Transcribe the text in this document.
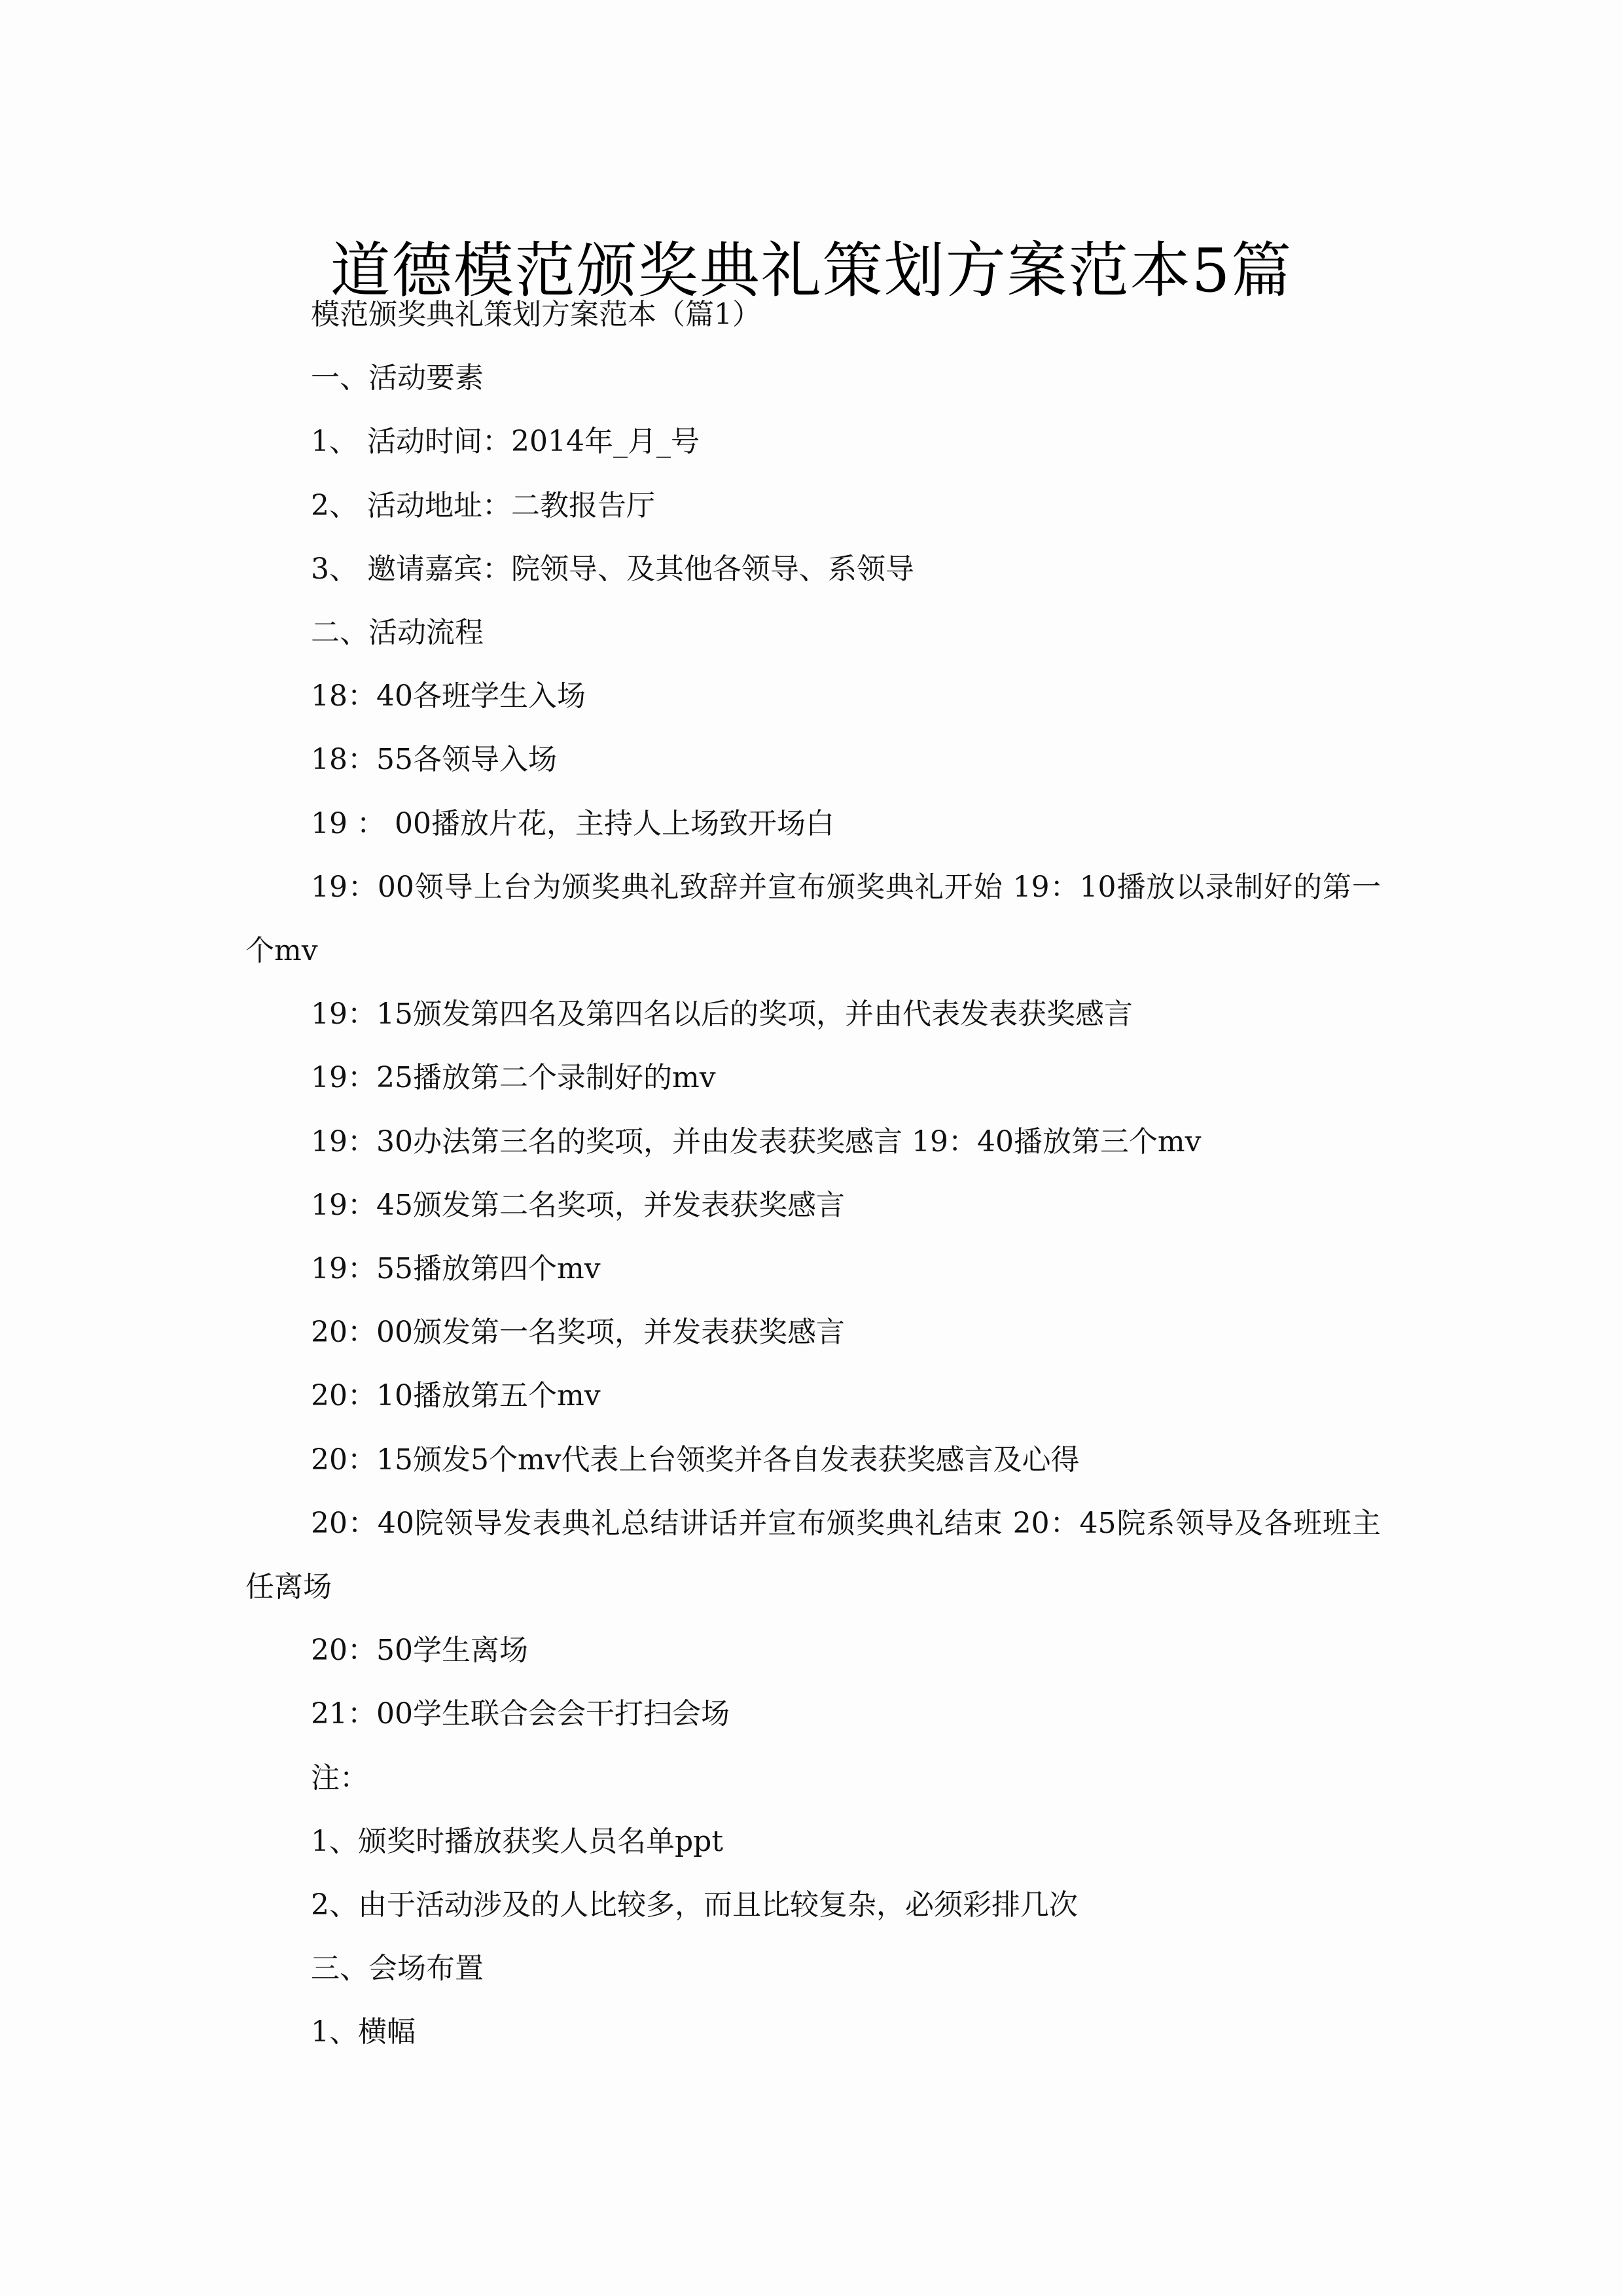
道德模范颁奖典礼策划方案范本5篇

模范颁奖典礼策划方案范本（篇1）

一、活动要素

1、 活动时间：2014年_月_号

2、 活动地址：二教报告厅

3、 邀请嘉宾：院领导、及其他各领导、系领导

二、活动流程

18：40各班学生入场

18：55各领导入场

19 ： 00播放片花，主持人上场致开场白

19：00领导上台为颁奖典礼致辞并宣布颁奖典礼开始 19：10播放以录制好的第一个mv

19：15颁发第四名及第四名以后的奖项，并由代表发表获奖感言

19：25播放第二个录制好的mv

19：30办法第三名的奖项，并由发表获奖感言 19：40播放第三个mv

19：45颁发第二名奖项，并发表获奖感言

19：55播放第四个mv

20：00颁发第一名奖项，并发表获奖感言

20：10播放第五个mv

20：15颁发5个mv代表上台领奖并各自发表获奖感言及心得

20：40院领导发表典礼总结讲话并宣布颁奖典礼结束 20：45院系领导及各班班主任离场

20：50学生离场

21：00学生联合会会干打扫会场

注：

1、颁奖时播放获奖人员名单ppt

2、由于活动涉及的人比较多，而且比较复杂，必须彩排几次

三、会场布置

1、横幅
